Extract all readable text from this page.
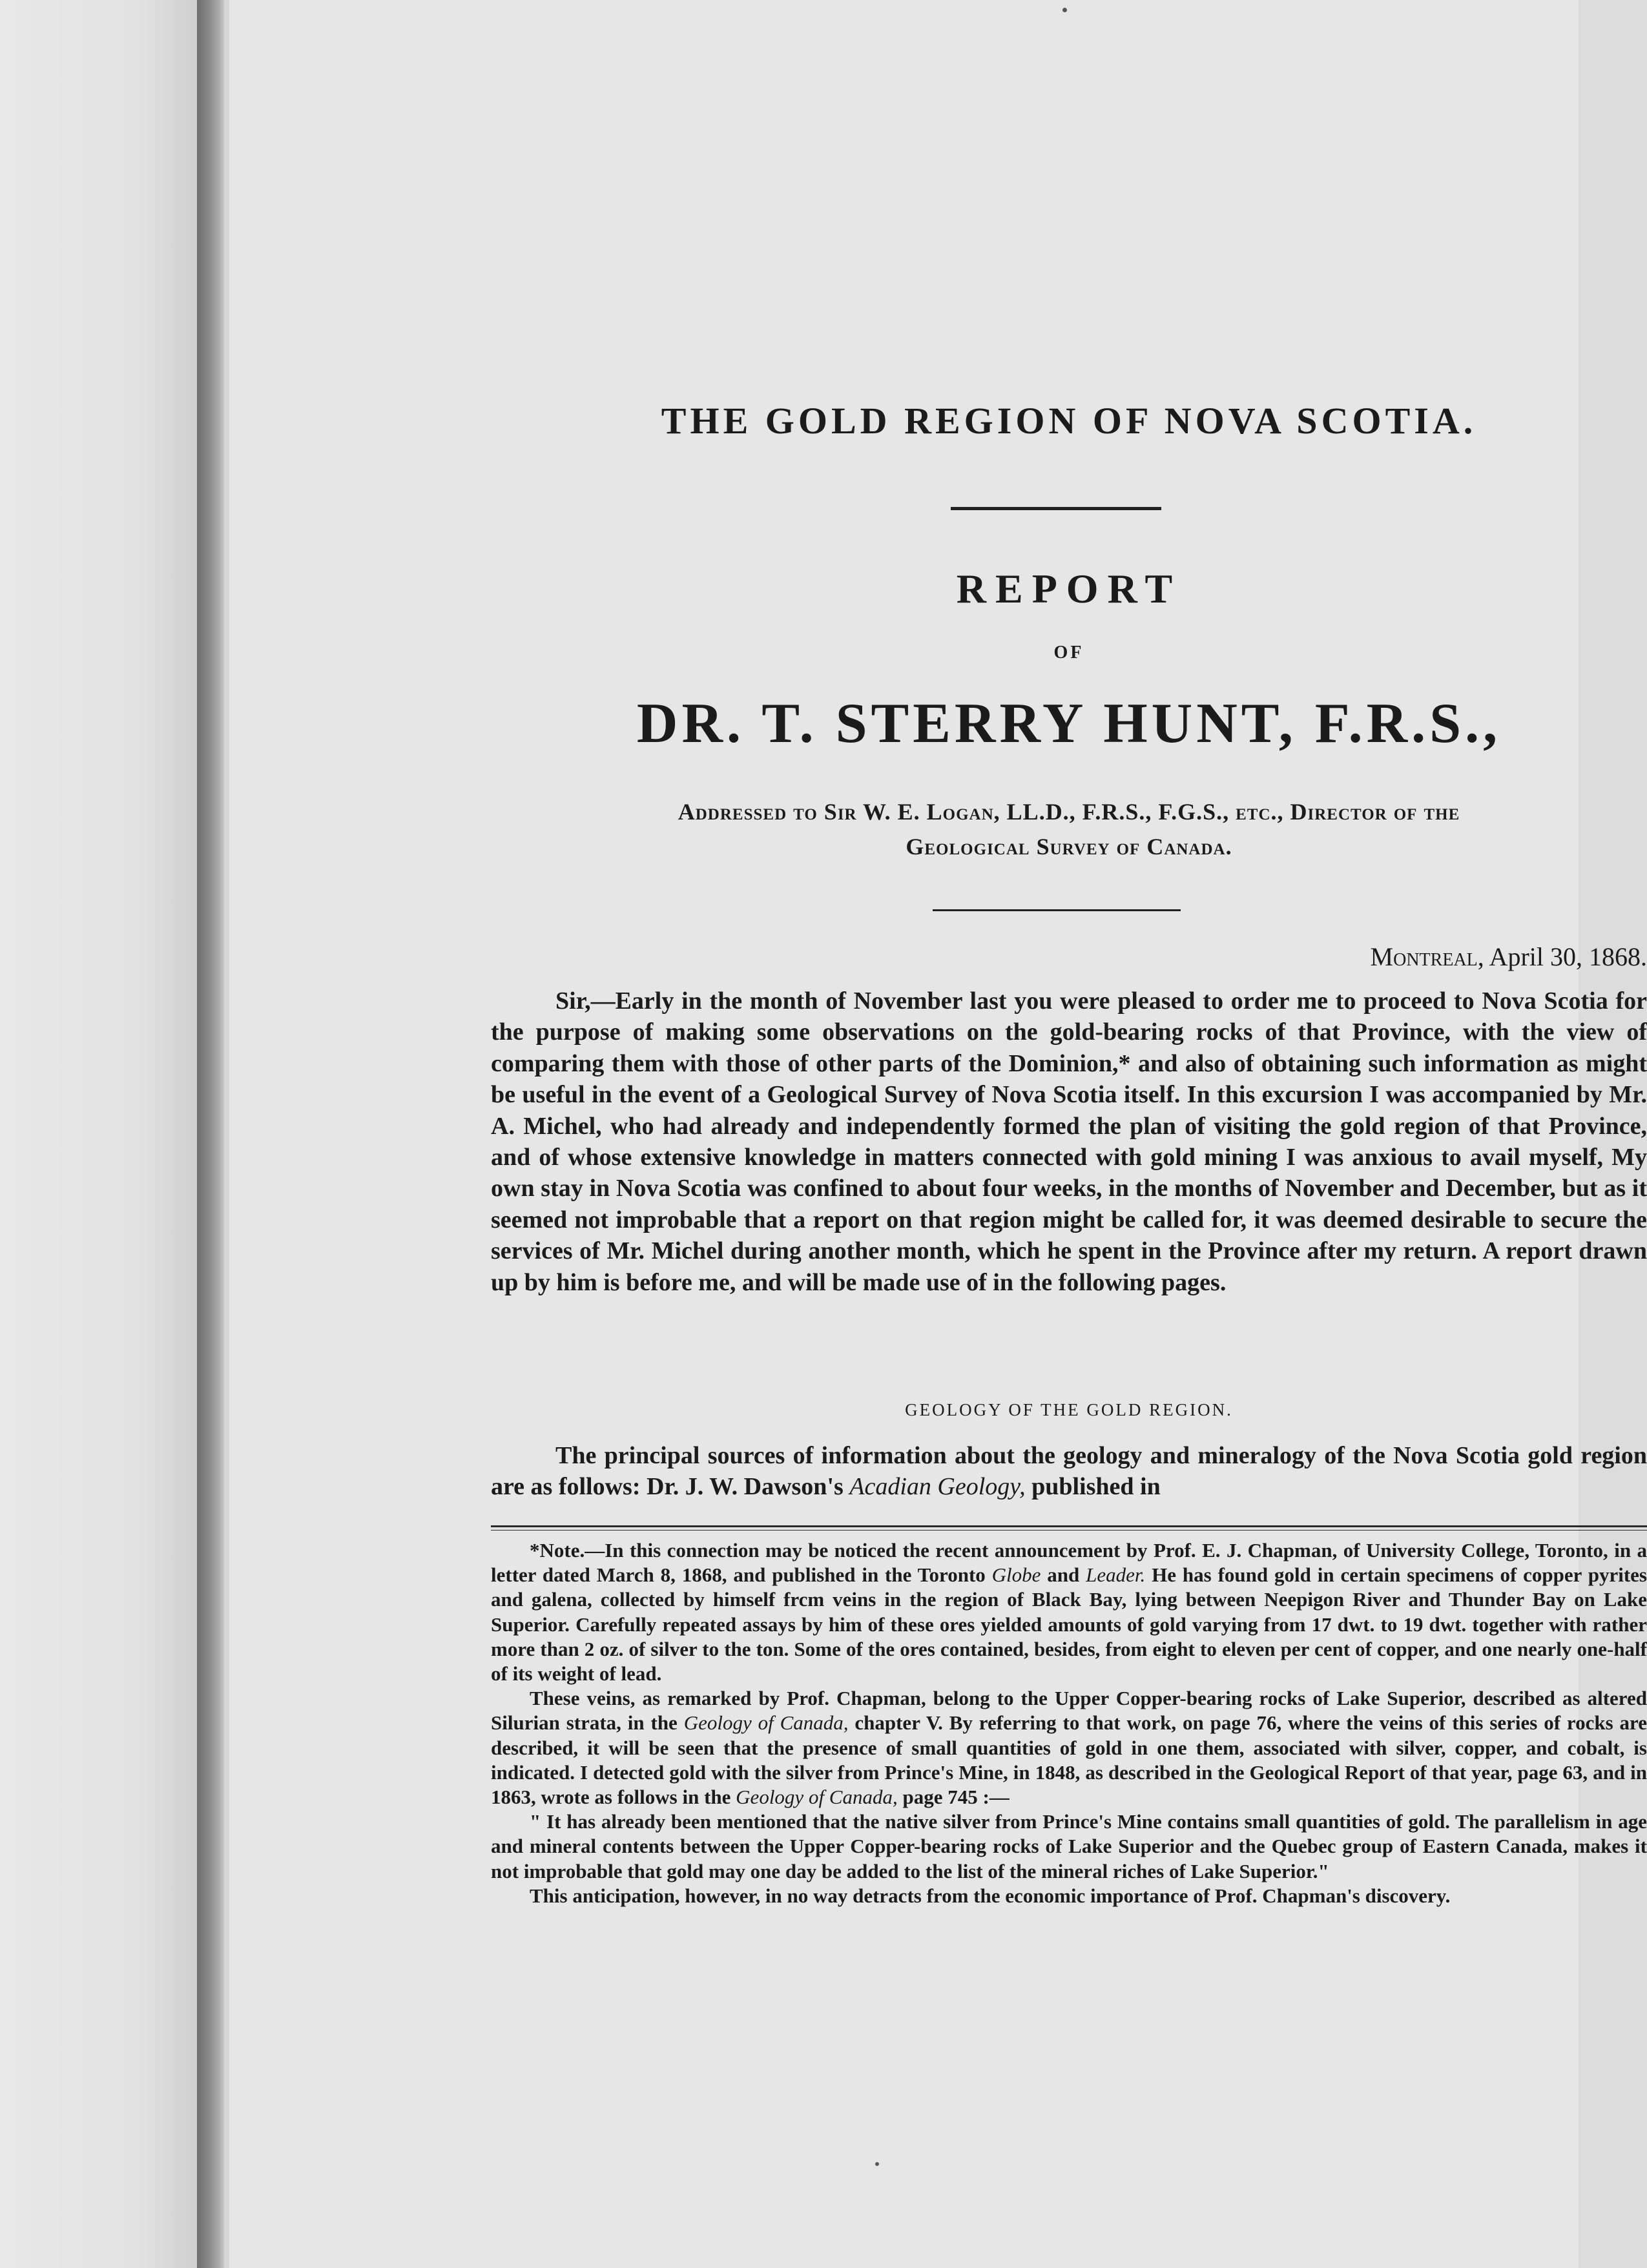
THE GOLD REGION OF NOVA SCOTIA.
REPORT
OF
DR. T. STERRY HUNT, F.R.S.,
Addressed to Sir W. E. Logan, LL.D., F.R.S., F.G.S., etc., Director of the
Geological Survey of Canada.
Montreal, April 30, 1868.

Sir,—Early in the month of November last you were pleased to order me to proceed to Nova Scotia for the purpose of making some observations on the gold-bearing rocks of that Province, with the view of comparing them with those of other parts of the Dominion,* and also of obtaining such information as might be useful in the event of a Geological Survey of Nova Scotia itself. In this excursion I was accompanied by Mr. A. Michel, who had already and independently formed the plan of visiting the gold region of that Province, and of whose extensive knowledge in matters connected with gold mining I was anxious to avail myself, My own stay in Nova Scotia was confined to about four weeks, in the months of November and December, but as it seemed not improbable that a report on that region might be called for, it was deemed desirable to secure the services of Mr. Michel during another month, which he spent in the Province after my return. A report drawn up by him is before me, and will be made use of in the following pages.

GEOLOGY OF THE GOLD REGION.

The principal sources of information about the geology and mineralogy of the Nova Scotia gold region are as follows: Dr. J. W. Dawson's Acadian Geology, published in

*Note.—In this connection may be noticed the recent announcement by Prof. E. J. Chapman, of University College, Toronto, in a letter dated March 8, 1868, and published in the Toronto Globe and Leader. He has found gold in certain specimens of copper pyrites and galena, collected by himself frcm veins in the region of Black Bay, lying between Neepigon River and Thunder Bay on Lake Superior. Carefully repeated assays by him of these ores yielded amounts of gold varying from 17 dwt. to 19 dwt. together with rather more than 2 oz. of silver to the ton. Some of the ores contained, besides, from eight to eleven per cent of copper, and one nearly one-half of its weight of lead.

These veins, as remarked by Prof. Chapman, belong to the Upper Copper-bearing rocks of Lake Superior, described as altered Silurian strata, in the Geology of Canada, chapter V. By referring to that work, on page 76, where the veins of this series of rocks are described, it will be seen that the presence of small quantities of gold in one them, associated with silver, copper, and cobalt, is indicated. I detected gold with the silver from Prince's Mine, in 1848, as described in the Geological Report of that year, page 63, and in 1863, wrote as follows in the Geology of Canada, page 745 :—

" It has already been mentioned that the native silver from Prince's Mine contains small quantities of gold. The parallelism in age and mineral contents between the Upper Copper-bearing rocks of Lake Superior and the Quebec group of Eastern Canada, makes it not improbable that gold may one day be added to the list of the mineral riches of Lake Superior."

This anticipation, however, in no way detracts from the economic importance of Prof. Chapman's discovery.
